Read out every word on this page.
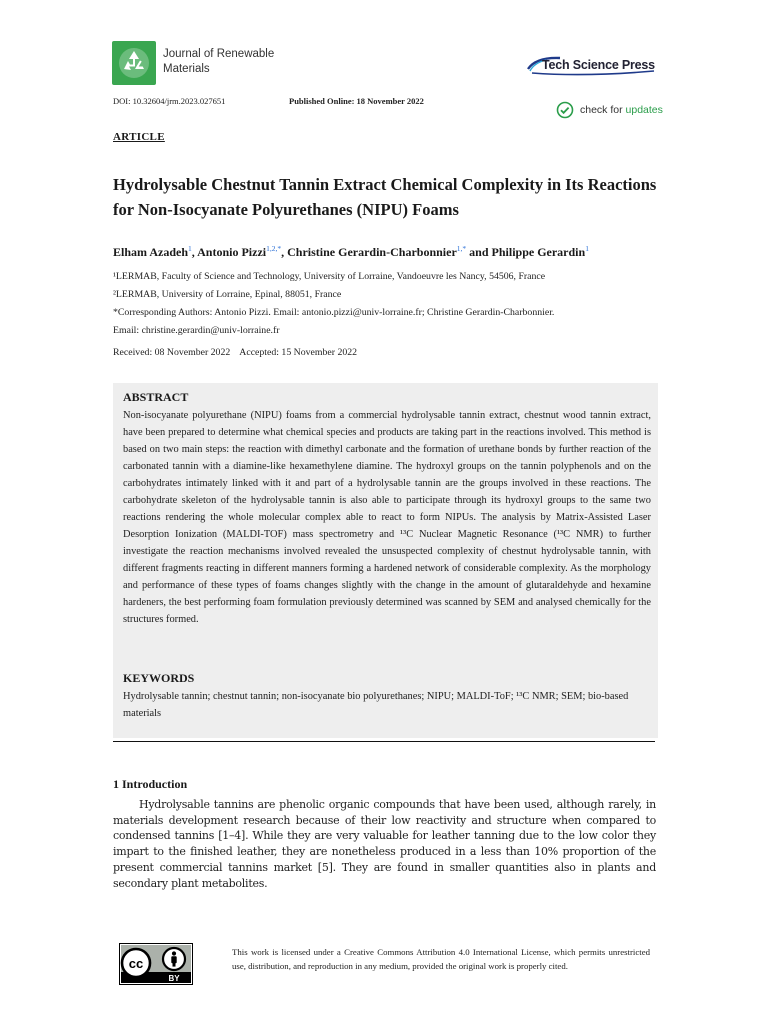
Journal of Renewable
Materials	Tech Science Press
DOI: 10.32604/jrm.2023.027651	Published Online: 18 November 2022
check for updates
ARTICLE
Hydrolysable Chestnut Tannin Extract Chemical Complexity in Its Reactions for Non-Isocyanate Polyurethanes (NIPU) Foams
Elham Azadeh$^1$, Antonio Pizzi$^{1,2,*}$, Christine Gerardin-Charbonnier$^{1,*}$ and Philippe Gerardin$^1$
¹LERMAB, Faculty of Science and Technology, University of Lorraine, Vandoeuvre les Nancy, 54506, France
²LERMAB, University of Lorraine, Epinal, 88051, France
*Corresponding Authors: Antonio Pizzi. Email: antonio.pizzi@univ-lorraine.fr; Christine Gerardin-Charbonnier.
Email: christine.gerardin@univ-lorraine.fr
Received: 08 November 2022 Accepted: 15 November 2022
ABSTRACT
Non-isocyanate polyurethane (NIPU) foams from a commercial hydrolysable tannin extract, chestnut wood tannin extract, have been prepared to determine what chemical species and products are taking part in the reactions involved. This method is based on two main steps: the reaction with dimethyl carbonate and the formation of urethane bonds by further reaction of the carbonated tannin with a diamine-like hexamethylene diamine. The hydroxyl groups on the tannin polyphenols and on the carbohydrates intimately linked with it and part of a hydrolysable tannin are the groups involved in these reactions. The carbohydrate skeleton of the hydrolysable tannin is also able to participate through its hydroxyl groups to the same two reactions rendering the whole molecular complex able to react to form NIPUs. The analysis by Matrix-Assisted Laser Desorption Ionization (MALDI-TOF) mass spectrometry and ¹³C Nuclear Magnetic Resonance (¹³C NMR) to further investigate the reaction mechanisms involved revealed the unsuspected complexity of chestnut hydrolysable tannin, with different fragments reacting in different manners forming a hardened network of considerable complexity. As the morphology and performance of these types of foams changes slightly with the change in the amount of glutaraldehyde and hexamine hardeners, the best performing foam formulation previously determined was scanned by SEM and analysed chemically for the structures formed.
KEYWORDS
Hydrolysable tannin; chestnut tannin; non-isocyanate bio polyurethanes; NIPU; MALDI-ToF; ¹³C NMR; SEM; bio-based materials
1 Introduction
Hydrolysable tannins are phenolic organic compounds that have been used, although rarely, in materials development research because of their low reactivity and structure when compared to condensed tannins [1–4]. While they are very valuable for leather tanning due to the low color they impart to the finished leather, they are nonetheless produced in a less than 10% proportion of the present commercial tannins market [5]. They are found in smaller quantities also in plants and secondary plant metabolites.
cc
BY
This work is licensed under a Creative Commons Attribution 4.0 International License, which permits unrestricted use, distribution, and reproduction in any medium, provided the original work is properly cited.
